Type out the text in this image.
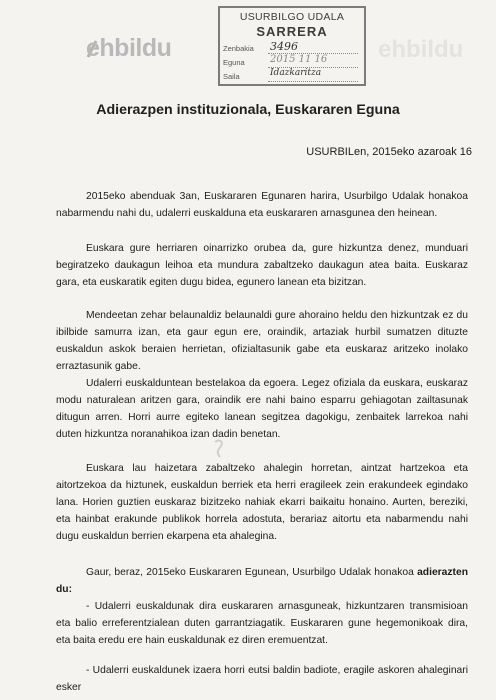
ehbildu	ehbildu
USURBILGO UDALA
SARRERA
Zenbakia 3496
Eguna	2015 11 16
Saila	Idazkaritza
Adierazpen instituzionala, Euskararen Eguna
USURBILen, 2015eko azaroak 16

2015eko abenduak 3an, Euskararen Egunaren harira, Usurbilgo Udalak honakoa nabarmendu nahi du, udalerri euskalduna eta euskararen arnasgunea den heinean.

Euskara gure herriaren oinarrizko orubea da, gure hizkuntza denez, munduari begiratzeko daukagun leihoa eta mundura zabaltzeko daukagun atea baita. Euskaraz gara, eta euskaratik egiten dugu bidea, egunero lanean eta bizitzan.

Mendeetan zehar belaunaldiz belaunaldi gure ahoraino heldu den hizkuntzak ez du ibilbide samurra izan, eta gaur egun ere, oraindik, artaziak hurbil sumatzen dituzte euskaldun askok beraien herrietan, ofizialtasunik gabe eta euskaraz aritzeko inolako erraztasunik gabe.

Udalerri euskalduntean bestelakoa da egoera. Legez ofiziala da euskara, euskaraz modu naturalean aritzen gara, oraindik ere nahi baino esparru gehiagotan zailtasunak ditugun arren. Horri aurre egiteko lanean segitzea dagokigu, zenbaitek larrekoa nahi duten hizkuntza noranahikoa izan dadin benetan.

Euskara lau haizetara zabaltzeko ahalegin horretan, aintzat hartzekoa eta aitortzekoa da hiztunek, euskaldun berriek eta herri eragileek zein erakundeek egindako lana. Horien guztien euskaraz bizitzeko nahiak ekarri baikaitu honaino. Aurten, bereziki, eta hainbat erakunde publikok horrela adostuta, berariaz aitortu eta nabarmendu nahi dugu euskaldun berrien ekarpena eta ahalegina.

Gaur, beraz, 2015eko Euskararen Egunean, Usurbilgo Udalak honakoa adierazten du:

- Udalerri euskaldunak dira euskararen arnasguneak, hizkuntzaren transmisioan eta balio erreferentzialean duten garrantziagatik. Euskararen gune hegemonikoak dira, eta baita eredu ere hain euskaldunak ez diren eremuentzat.

- Udalerri euskaldunek izaera horri eutsi baldin badiote, eragile askoren ahaleginari esker
